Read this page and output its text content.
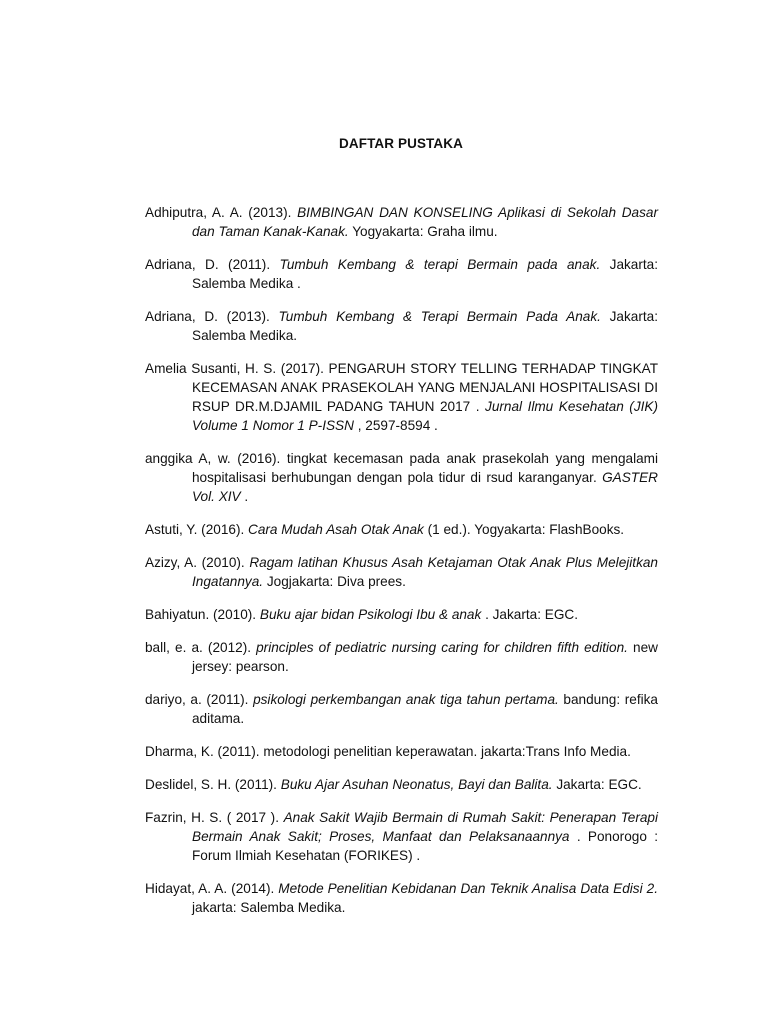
DAFTAR PUSTAKA

Adhiputra, A. A. (2013). BIMBINGAN DAN KONSELING Aplikasi di Sekolah Dasar dan Taman Kanak-Kanak. Yogyakarta: Graha ilmu.

Adriana, D. (2011). Tumbuh Kembang & terapi Bermain pada anak. Jakarta: Salemba Medika .

Adriana, D. (2013). Tumbuh Kembang & Terapi Bermain Pada Anak. Jakarta: Salemba Medika.

Amelia Susanti, H. S. (2017). PENGARUH STORY TELLING TERHADAP TINGKAT KECEMASAN ANAK PRASEKOLAH YANG MENJALANI HOSPITALISASI DI RSUP DR.M.DJAMIL PADANG TAHUN 2017 . Jurnal Ilmu Kesehatan (JIK) Volume 1 Nomor 1 P-ISSN , 2597-8594 .

anggika A, w. (2016). tingkat kecemasan pada anak prasekolah yang mengalami hospitalisasi berhubungan dengan pola tidur di rsud karanganyar. GASTER Vol. XIV .

Astuti, Y. (2016). Cara Mudah Asah Otak Anak (1 ed.). Yogyakarta: FlashBooks.

Azizy, A. (2010). Ragam latihan Khusus Asah Ketajaman Otak Anak Plus Melejitkan Ingatannya. Jogjakarta: Diva prees.

Bahiyatun. (2010). Buku ajar bidan Psikologi Ibu & anak . Jakarta: EGC.

ball, e. a. (2012). principles of pediatric nursing caring for children fifth edition. new jersey: pearson.

dariyo, a. (2011). psikologi perkembangan anak tiga tahun pertama. bandung: refika aditama.

Dharma, K. (2011). metodologi penelitian keperawatan. jakarta:Trans Info Media.

Deslidel, S. H. (2011). Buku Ajar Asuhan Neonatus, Bayi dan Balita. Jakarta: EGC.

Fazrin, H. S. ( 2017 ). Anak Sakit Wajib Bermain di Rumah Sakit: Penerapan Terapi Bermain Anak Sakit; Proses, Manfaat dan Pelaksanaannya . Ponorogo : Forum Ilmiah Kesehatan (FORIKES) .

Hidayat, A. A. (2014). Metode Penelitian Kebidanan Dan Teknik Analisa Data Edisi 2. jakarta: Salemba Medika.
